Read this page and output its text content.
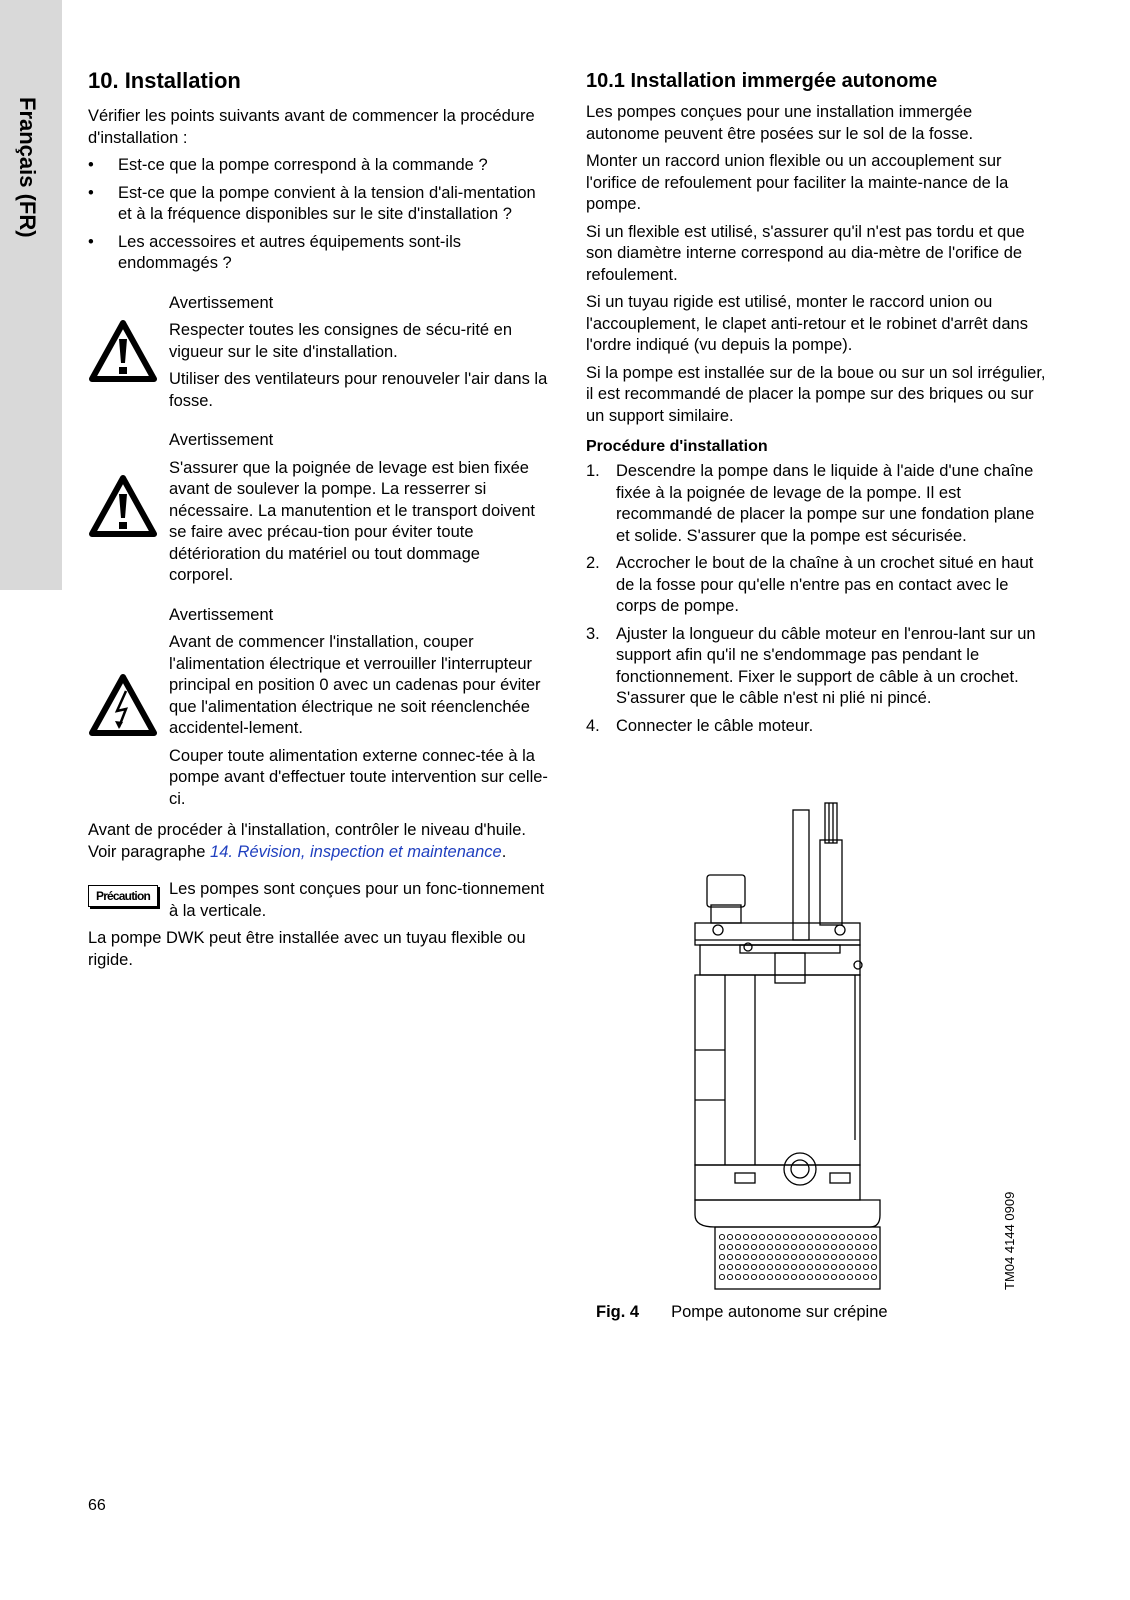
Français (FR)
10. Installation

Vérifier les points suivants avant de commencer la procédure d'installation :

• Est-ce que la pompe correspond à la commande ?
• Est-ce que la pompe convient à la tension d'ali-mentation et à la fréquence disponibles sur le site d'installation ?
• Les accessoires et autres équipements sont-ils endommagés ?
Avertissement

Respecter toutes les consignes de sécu-rité en vigueur sur le site d'installation.

Utiliser des ventilateurs pour renouveler l'air dans la fosse.

Avertissement

S'assurer que la poignée de levage est bien fixée avant de soulever la pompe. La resserrer si nécessaire. La manutention et le transport doivent se faire avec précau-tion pour éviter toute détérioration du matériel ou tout dommage corporel.

Avertissement

Avant de commencer l'installation, couper l'alimentation électrique et verrouiller l'interrupteur principal en position 0 avec un cadenas pour éviter que l'alimentation électrique ne soit réenclenchée accidentel-lement.

Couper toute alimentation externe connec-tée à la pompe avant d'effectuer toute intervention sur celle-ci.

Avant de procéder à l'installation, contrôler le niveau d'huile. Voir paragraphe 14. Révision, inspection et maintenance.

Précaution	Les pompes sont conçues pour un fonc-tionnement à la verticale.

La pompe DWK peut être installée avec un tuyau flexible ou rigide.

10.1 Installation immergée autonome

Les pompes conçues pour une installation immergée autonome peuvent être posées sur le sol de la fosse.

Monter un raccord union flexible ou un accouplement sur l'orifice de refoulement pour faciliter la mainte-nance de la pompe.

Si un flexible est utilisé, s'assurer qu'il n'est pas tordu et que son diamètre interne correspond au dia-mètre de l'orifice de refoulement.

Si un tuyau rigide est utilisé, monter le raccord union ou l'accouplement, le clapet anti-retour et le robinet d'arrêt dans l'ordre indiqué (vu depuis la pompe).

Si la pompe est installée sur de la boue ou sur un sol irrégulier, il est recommandé de placer la pompe sur des briques ou sur un support similaire.

Procédure d'installation
1. Descendre la pompe dans le liquide à l'aide d'une chaîne fixée à la poignée de levage de la pompe. Il est recommandé de placer la pompe sur une fondation plane et solide. S'assurer que la pompe est sécurisée.
2. Accrocher le bout de la chaîne à un crochet situé en haut de la fosse pour qu'elle n'entre pas en contact avec le corps de pompe.
3. Ajuster la longueur du câble moteur en l'enrou-lant sur un support afin qu'il ne s'endommage pas pendant le fonctionnement. Fixer le support de câble à un crochet. S'assurer que le câble n'est ni plié ni pincé.
4. Connecter le câble moteur.
TM04 4144 0909
Fig. 4 Pompe autonome sur crépine
66
